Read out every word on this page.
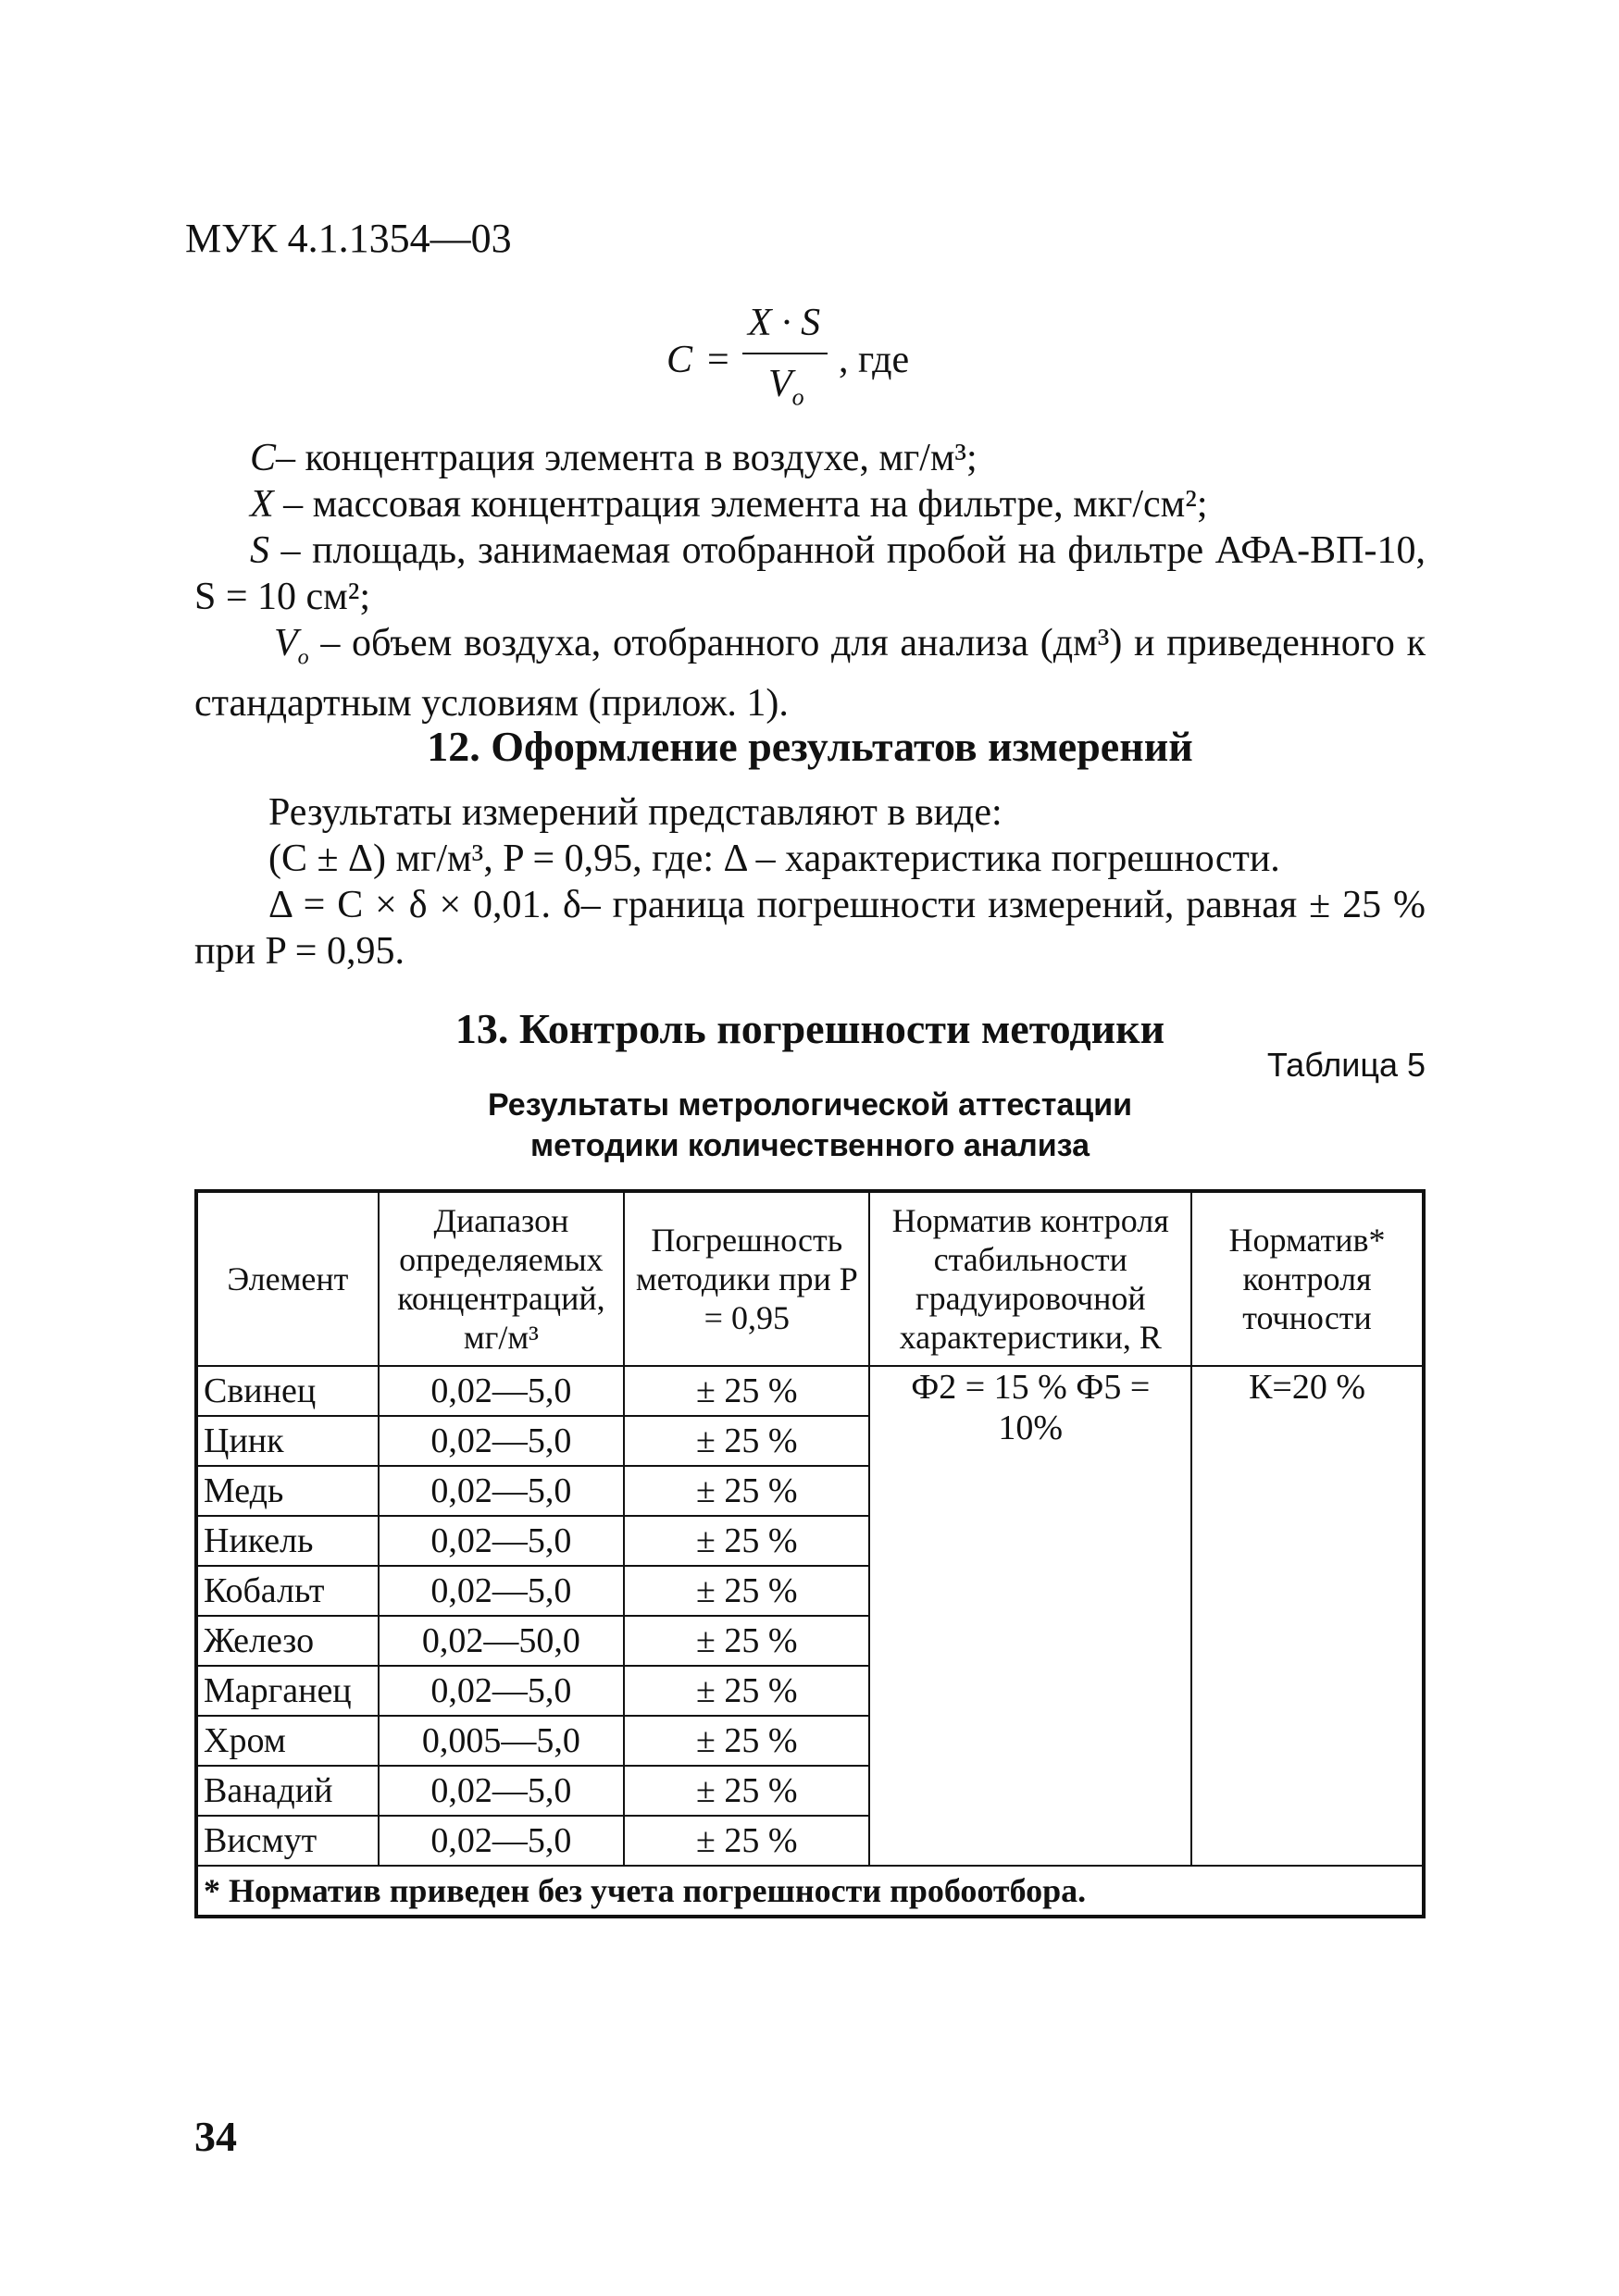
МУК 4.1.1354—03
C =
X · S
$V_o$
, где
C– концентрация элемента в воздухе, мг/м³;
X – массовая концентрация элемента на фильтре, мкг/см²;
S – площадь, занимаемая отобранной пробой на фильтре АФА-ВП-10, S = 10 см²;
$V_o$ – объем воздуха, отобранного для анализа (дм³) и приведенного к стандартным условиям (прилож. 1).
12. Оформление результатов измерений
Результаты измерений представляют в виде:
(C ± Δ) мг/м³, P = 0,95, где: Δ – характеристика погрешности.
Δ = C × δ × 0,01. δ– граница погрешности измерений, равная ± 25 % при P = 0,95.
13. Контроль погрешности методики
Таблица 5
Результаты метрологической аттестации
методики количественного анализа
Элемент	Диапазон определяемых концентраций, мг/м³	Погрешность методики при P = 0,95	Норматив контроля стабильности градуировочной характеристики, R	Норматив* контроля точности
Свинец	0,02—5,0	± 25 %	Ф2 = 15 % Ф5 = 10%	К=20 %
Цинк	0,02—5,0	± 25 %		
Медь	0,02—5,0	± 25 %		
Никель	0,02—5,0	± 25 %		
Кобальт	0,02—5,0	± 25 %		
Железо	0,02—50,0	± 25 %		
Марганец	0,02—5,0	± 25 %		
Хром	0,005—5,0	± 25 %		
Ванадий	0,02—5,0	± 25 %		
Висмут	0,02—5,0	± 25 %		
* Норматив приведен без учета погрешности пробоотбора.				
34
